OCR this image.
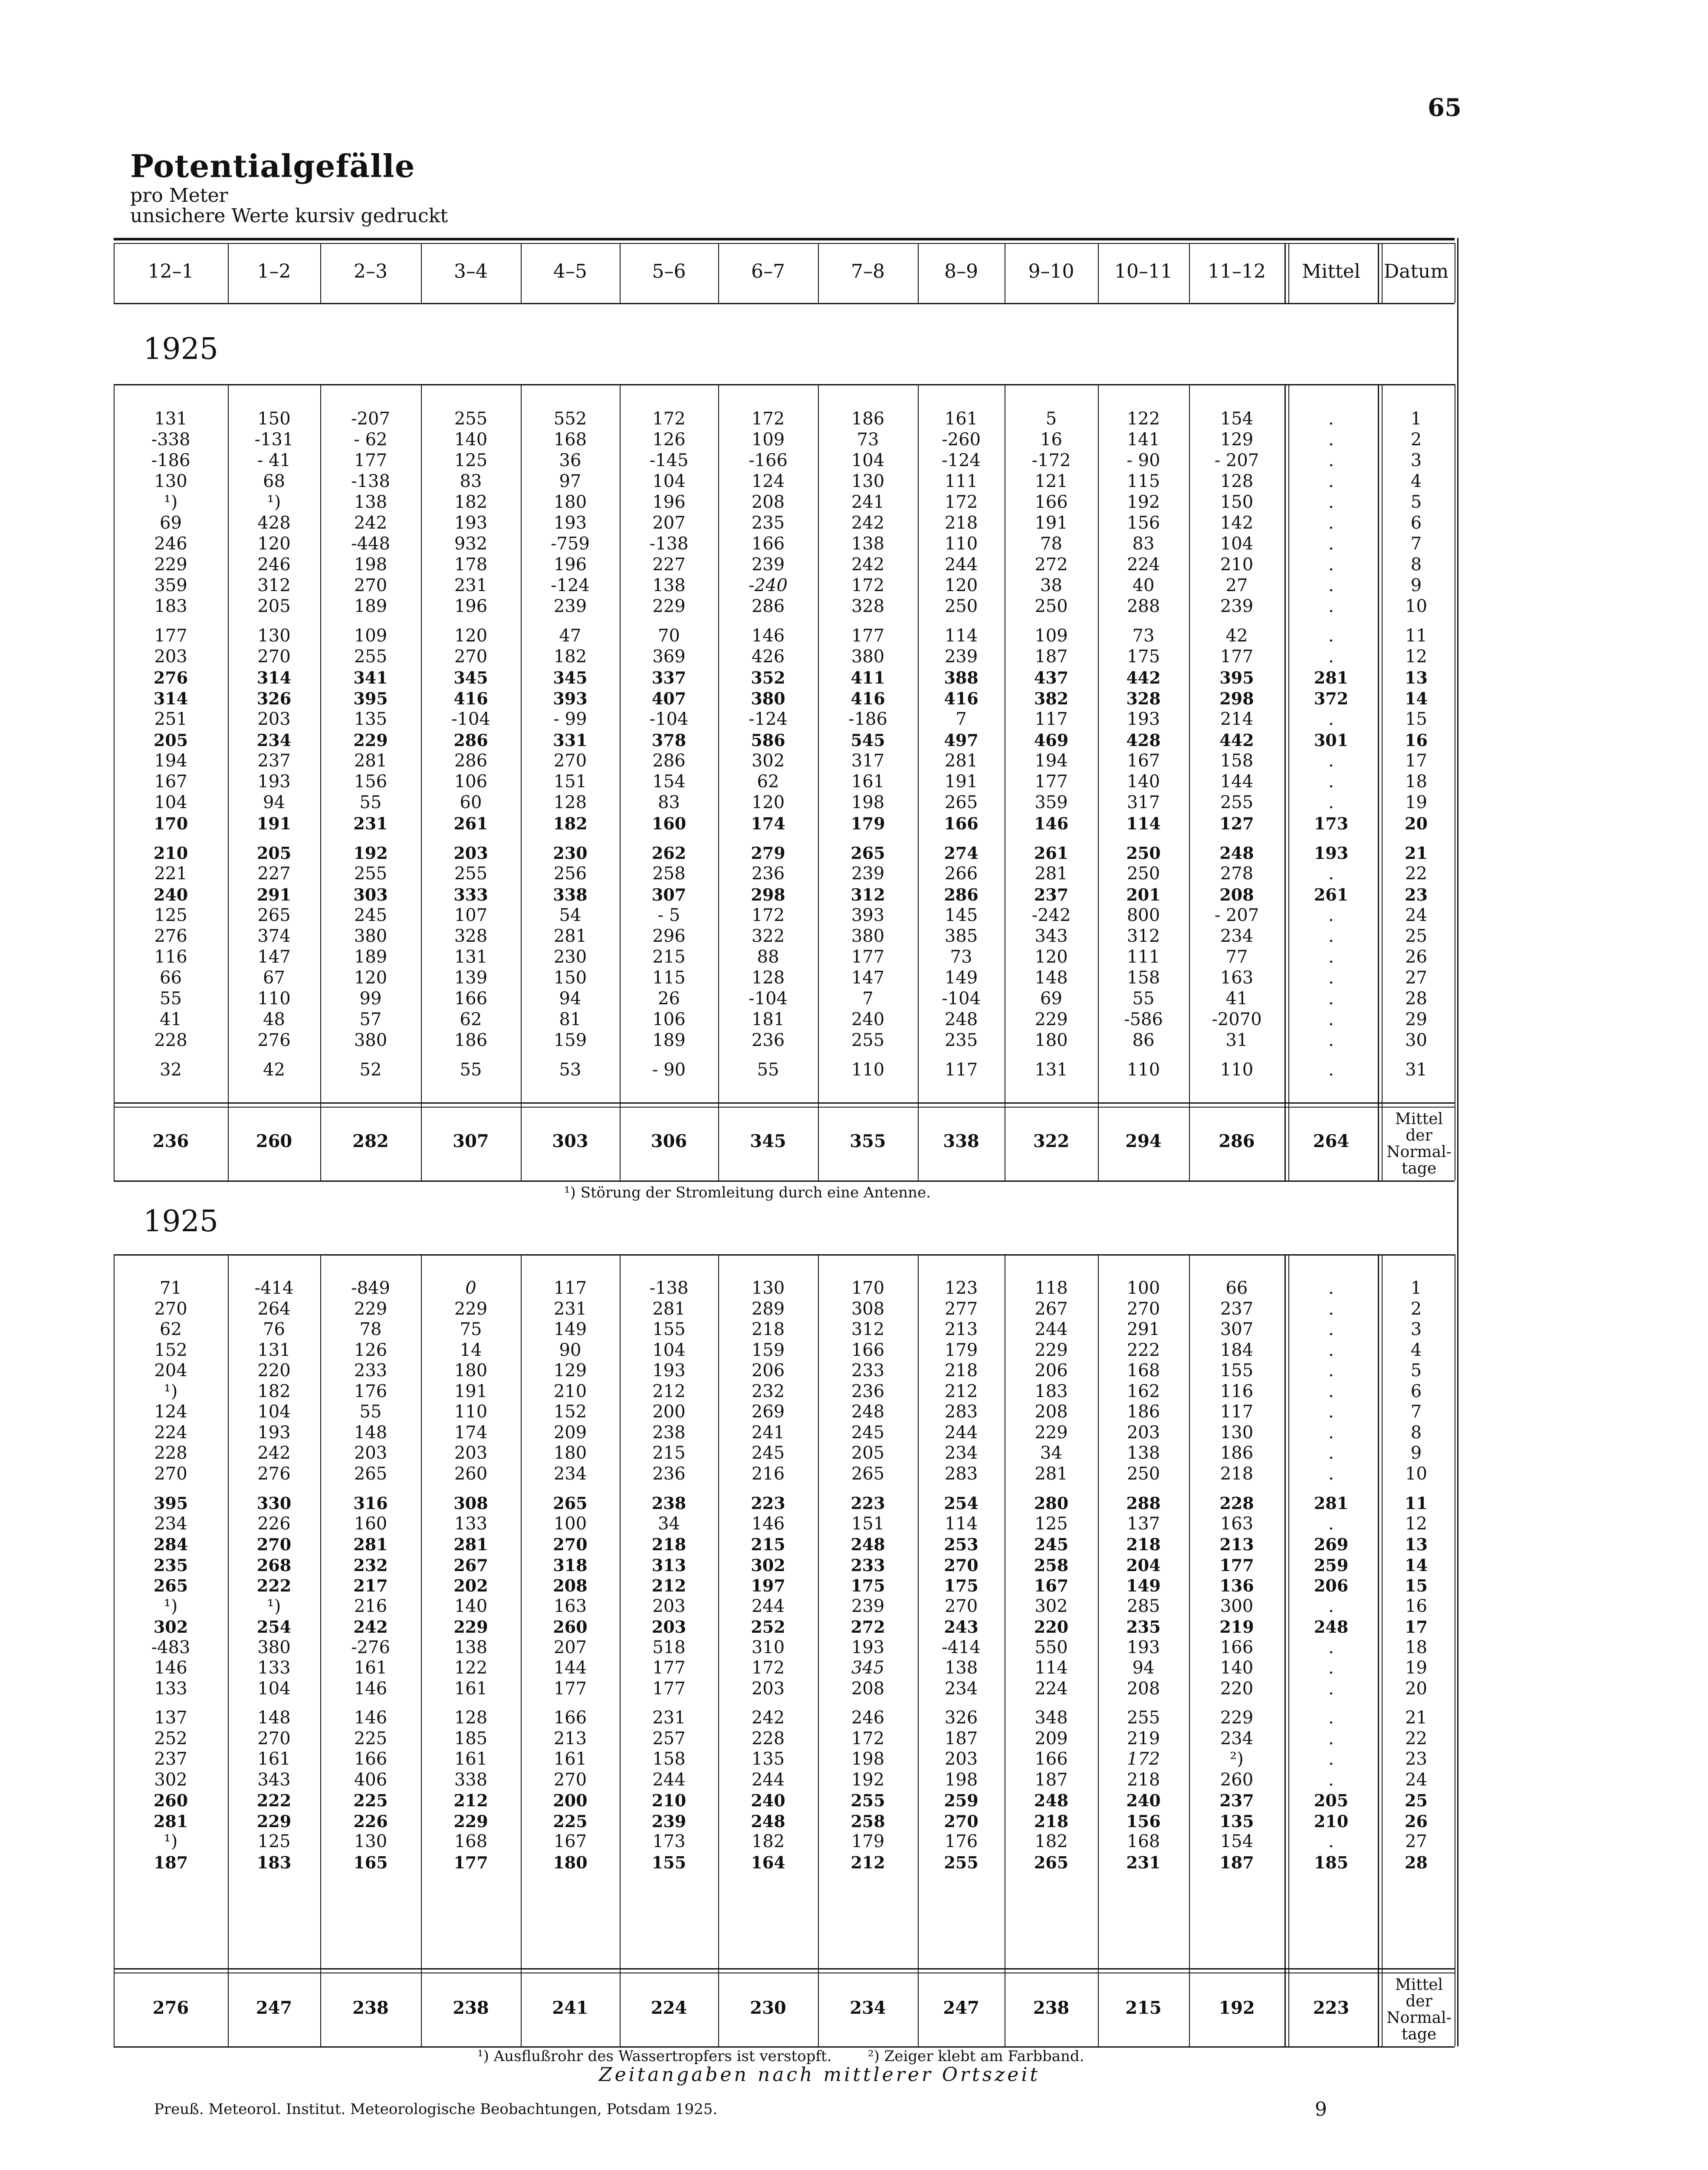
65
Potentialgefälle
pro Meter
unsichere Werte kursiv gedruckt
12–1	1–2	2–3	3–4	4–5	5–6	6–7	7–8	8–9	9–10	10–11	11–12	Mittel	Datum
1925
131	150	-207	255	552	172	172	186	161	5	122	154	.	1
-338	-131	- 62	140	168	126	109	73	-260	16	141	129	.	2
-186	- 41	177	125	36	-145	-166	104	-124	-172	- 90	- 207	.	3
130	68	-138	83	97	104	124	130	111	121	115	128	.	4
¹)	¹)	138	182	180	196	208	241	172	166	192	150	.	5
69	428	242	193	193	207	235	242	218	191	156	142	.	6
246	120	-448	932	-759	-138	166	138	110	78	83	104	.	7
229	246	198	178	196	227	239	242	244	272	224	210	.	8
359	312	270	231	-124	138	-240	172	120	38	40	27	.	9
183	205	189	196	239	229	286	328	250	250	288	239	.	10
177	130	109	120	47	70	146	177	114	109	73	42	.	11
203	270	255	270	182	369	426	380	239	187	175	177	.	12
276	314	341	345	345	337	352	411	388	437	442	395	281	13
314	326	395	416	393	407	380	416	416	382	328	298	372	14
251	203	135	-104	- 99	-104	-124	-186	7	117	193	214	.	15
205	234	229	286	331	378	586	545	497	469	428	442	301	16
194	237	281	286	270	286	302	317	281	194	167	158	.	17
167	193	156	106	151	154	62	161	191	177	140	144	.	18
104	94	55	60	128	83	120	198	265	359	317	255	.	19
170	191	231	261	182	160	174	179	166	146	114	127	173	20
210	205	192	203	230	262	279	265	274	261	250	248	193	21
221	227	255	255	256	258	236	239	266	281	250	278	.	22
240	291	303	333	338	307	298	312	286	237	201	208	261	23
125	265	245	107	54	- 5	172	393	145	-242	800	- 207	.	24
276	374	380	328	281	296	322	380	385	343	312	234	.	25
116	147	189	131	230	215	88	177	73	120	111	77	.	26
66	67	120	139	150	115	128	147	149	148	158	163	.	27
55	110	99	166	94	26	-104	7	-104	69	55	41	.	28
41	48	57	62	81	106	181	240	248	229	-586	-2070	.	29
228	276	380	186	159	189	236	255	235	180	86	31	.	30
32	42	52	55	53	- 90	55	110	117	131	110	110	.	31
236	260	282	307	303	306	345	355	338	322	294	286	264
Mittel
der
Normal-
tage
¹) Störung der Stromleitung durch eine Antenne.
1925
71	-414	-849	0	117	-138	130	170	123	118	100	66	.	1
270	264	229	229	231	281	289	308	277	267	270	237	.	2
62	76	78	75	149	155	218	312	213	244	291	307	.	3
152	131	126	14	90	104	159	166	179	229	222	184	.	4
204	220	233	180	129	193	206	233	218	206	168	155	.	5
¹)	182	176	191	210	212	232	236	212	183	162	116	.	6
124	104	55	110	152	200	269	248	283	208	186	117	.	7
224	193	148	174	209	238	241	245	244	229	203	130	.	8
228	242	203	203	180	215	245	205	234	34	138	186	.	9
270	276	265	260	234	236	216	265	283	281	250	218	.	10
395	330	316	308	265	238	223	223	254	280	288	228	281	11
234	226	160	133	100	34	146	151	114	125	137	163	.	12
284	270	281	281	270	218	215	248	253	245	218	213	269	13
235	268	232	267	318	313	302	233	270	258	204	177	259	14
265	222	217	202	208	212	197	175	175	167	149	136	206	15
¹)	¹)	216	140	163	203	244	239	270	302	285	300	.	16
302	254	242	229	260	203	252	272	243	220	235	219	248	17
-483	380	-276	138	207	518	310	193	-414	550	193	166	.	18
146	133	161	122	144	177	172	345	138	114	94	140	.	19
133	104	146	161	177	177	203	208	234	224	208	220	.	20
137	148	146	128	166	231	242	246	326	348	255	229	.	21
252	270	225	185	213	257	228	172	187	209	219	234	.	22
237	161	166	161	161	158	135	198	203	166	172	²)	.	23
302	343	406	338	270	244	244	192	198	187	218	260	.	24
260	222	225	212	200	210	240	255	259	248	240	237	205	25
281	229	226	229	225	239	248	258	270	218	156	135	210	26
¹)	125	130	168	167	173	182	179	176	182	168	154	.	27
187	183	165	177	180	155	164	212	255	265	231	187	185	28
276	247	238	238	241	224	230	234	247	238	215	192	223
Mittel
der
Normal-
tage
¹) Ausflußrohr des Wassertropfers ist verstopft. ²) Zeiger klebt am Farbband.
Zeitangaben nach mittlerer Ortszeit
Preuß. Meteorol. Institut. Meteorologische Beobachtungen, Potsdam 1925.	9
